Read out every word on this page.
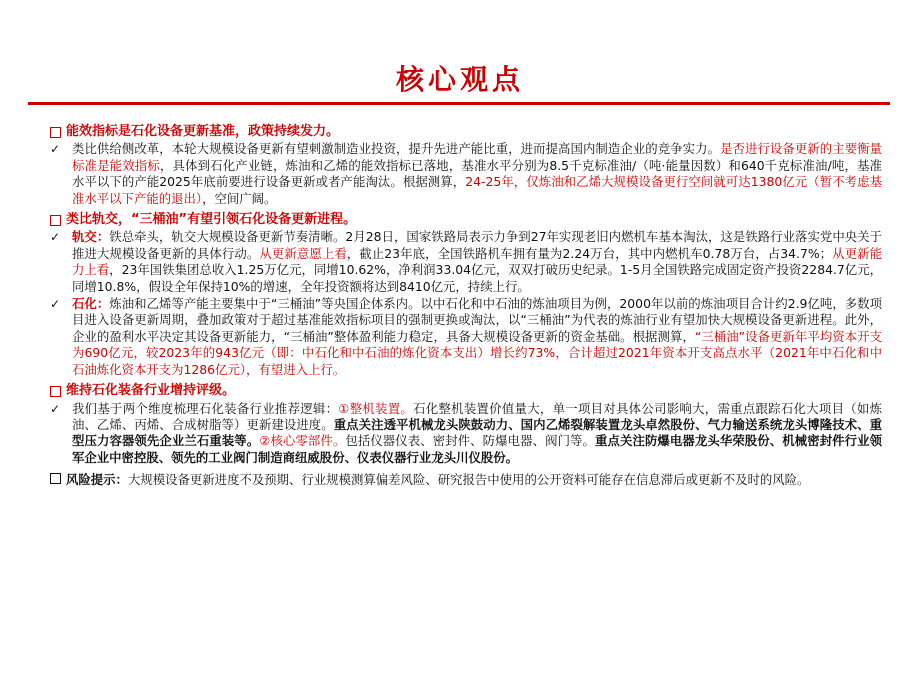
核心观点
能效指标是石化设备更新基准，政策持续发力。
✓ 类比供给侧改革，本轮大规模设备更新有望刺激制造业投资，提升先进产能比重，进而提高国内制造企业的竞争实力。是否进行设备更新的主要衡量标准是能效指标，具体到石化产业链，炼油和乙烯的能效指标已落地，基准水平分别为8.5千克标准油/（吨·能量因数）和640千克标准油/吨，基准水平以下的产能2025年底前要进行设备更新或者产能淘汰。根据测算，24-25年，仅炼油和乙烯大规模设备更行空间就可达1380亿元（暂不考虑基准水平以下产能的退出），空间广阔。
类比轨交，“三桶油”有望引领石化设备更新进程。
✓ 轨交：铁总牵头，轨交大规模设备更新节奏清晰。2月28日，国家铁路局表示力争到27年实现老旧内燃机车基本淘汰，这是铁路行业落实党中央关于推进大规模设备更新的具体行动。从更新意愿上看，截止23年底，全国铁路机车拥有量为2.24万台，其中内燃机车0.78万台，占34.7%；从更新能力上看，23年国铁集团总收入1.25万亿元，同增10.62%，净利润33.04亿元，双双打破历史纪录。1-5月全国铁路完成固定资产投资2284.7亿元，同增10.8%，假设全年保持10%的增速，全年投资额将达到8410亿元，持续上行。
✓ 石化：炼油和乙烯等产能主要集中于“三桶油”等央国企体系内。以中石化和中石油的炼油项目为例，2000年以前的炼油项目合计约2.9亿吨，多数项目进入设备更新周期，叠加政策对于超过基准能效指标项目的强制更换或淘汰，以“三桶油”为代表的炼油行业有望加快大规模设备更新进程。此外，企业的盈利水平决定其设备更新能力，“三桶油”整体盈利能力稳定，具备大规模设备更新的资金基础。根据测算，“三桶油”设备更新年平均资本开支为690亿元，较2023年的943亿元（即：中石化和中石油的炼化资本支出）增长约73%，合计超过2021年资本开支高点水平（2021年中石化和中石油炼化资本开支为1286亿元），有望进入上行。
维持石化装备行业增持评级。
✓ 我们基于两个维度梳理石化装备行业推荐逻辑：①整机装置。石化整机装置价值量大，单一项目对具体公司影响大，需重点跟踪石化大项目（如炼油、乙烯、丙烯、合成树脂等）更新建设进度。重点关注透平机械龙头陕鼓动力、国内乙烯裂解装置龙头卓然股份、气力输送系统龙头博隆技术、重型压力容器领先企业兰石重装等。②核心零部件。包括仪器仪表、密封件、防爆电器、阀门等。重点关注防爆电器龙头华荣股份、机械密封件行业领军企业中密控股、领先的工业阀门制造商纽威股份、仪表仪器行业龙头川仪股份。
风险提示：大规模设备更新进度不及预期、行业规模测算偏差风险、研究报告中使用的公开资料可能存在信息滞后或更新不及时的风险。
